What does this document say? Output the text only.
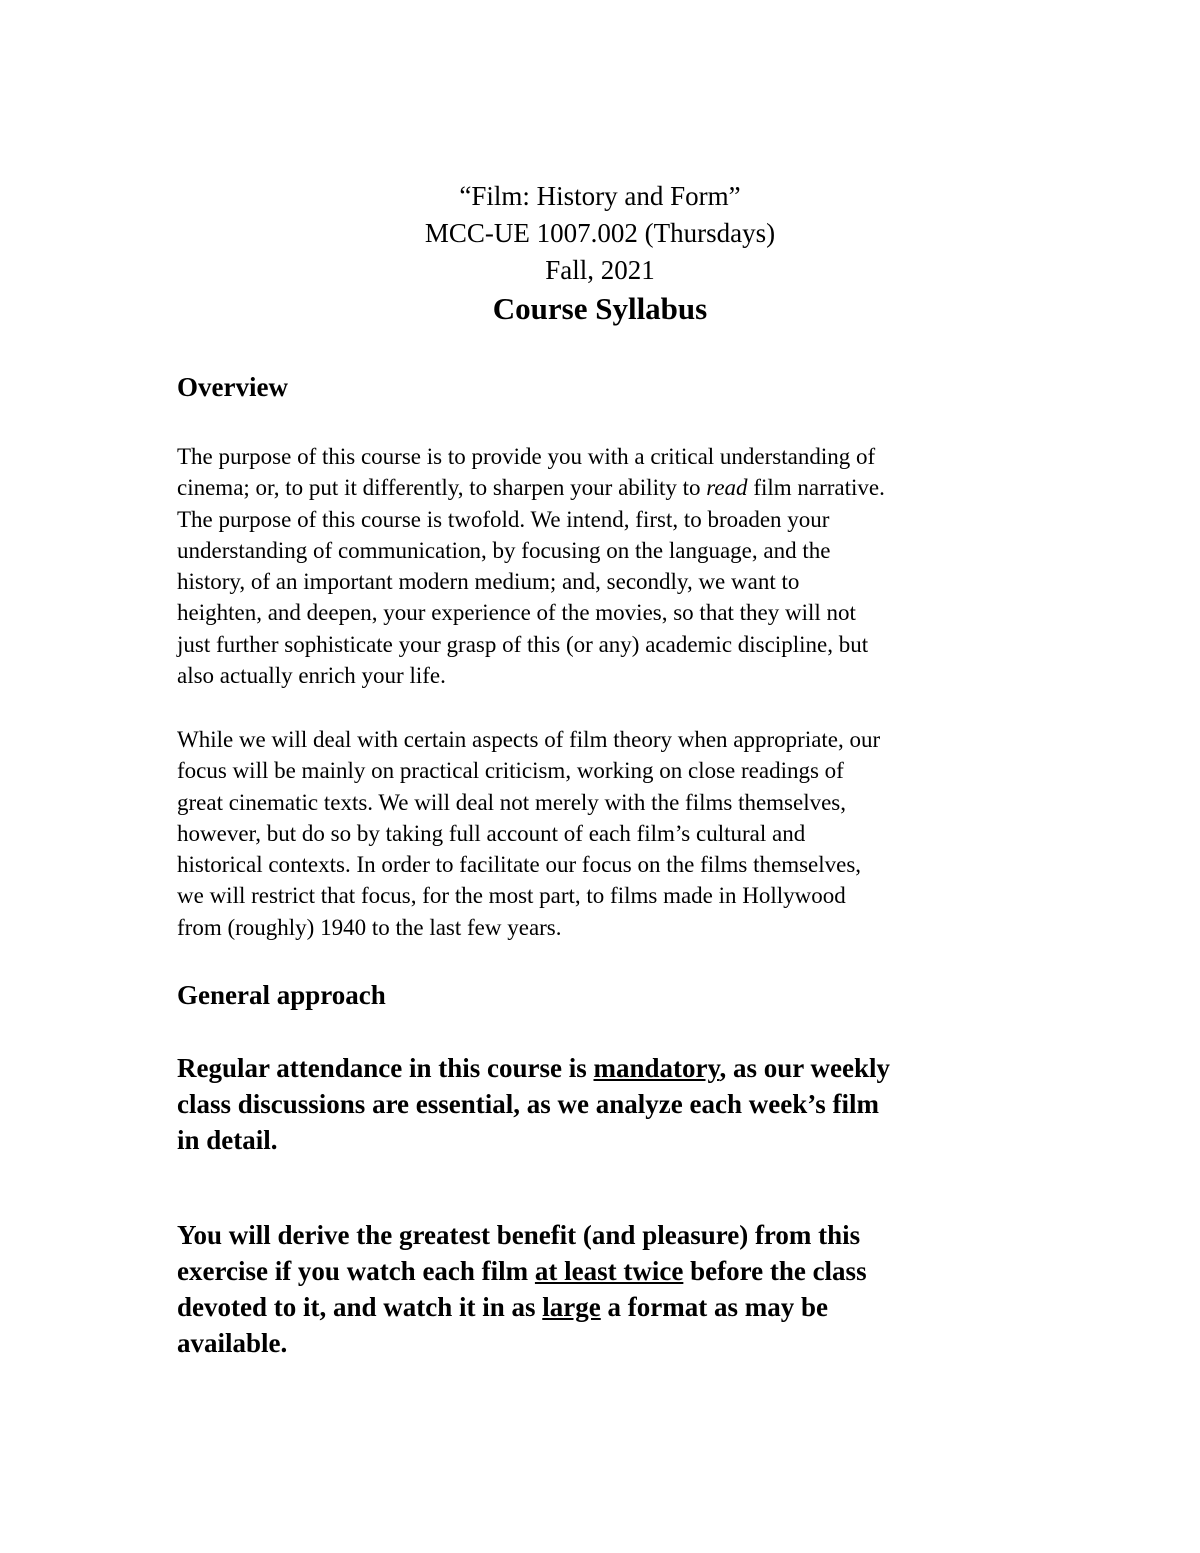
“Film: History and Form”
MCC-UE 1007.002 (Thursdays)
Fall, 2021
Course Syllabus
Overview
The purpose of this course is to provide you with a critical understanding of
cinema; or, to put it differently, to sharpen your ability to read film narrative.
The purpose of this course is twofold. We intend, first, to broaden your
understanding of communication, by focusing on the language, and the
history, of an important modern medium; and, secondly, we want to
heighten, and deepen, your experience of the movies, so that they will not
just further sophisticate your grasp of this (or any) academic discipline, but
also actually enrich your life.
While we will deal with certain aspects of film theory when appropriate, our
focus will be mainly on practical criticism, working on close readings of
great cinematic texts. We will deal not merely with the films themselves,
however, but do so by taking full account of each film’s cultural and
historical contexts. In order to facilitate our focus on the films themselves,
we will restrict that focus, for the most part, to films made in Hollywood
from (roughly) 1940 to the last few years.
General approach
Regular attendance in this course is mandatory, as our weekly
class discussions are essential, as we analyze each week’s film
in detail.
You will derive the greatest benefit (and pleasure) from this
exercise if you watch each film at least twice before the class
devoted to it, and watch it in as large a format as may be
available.
